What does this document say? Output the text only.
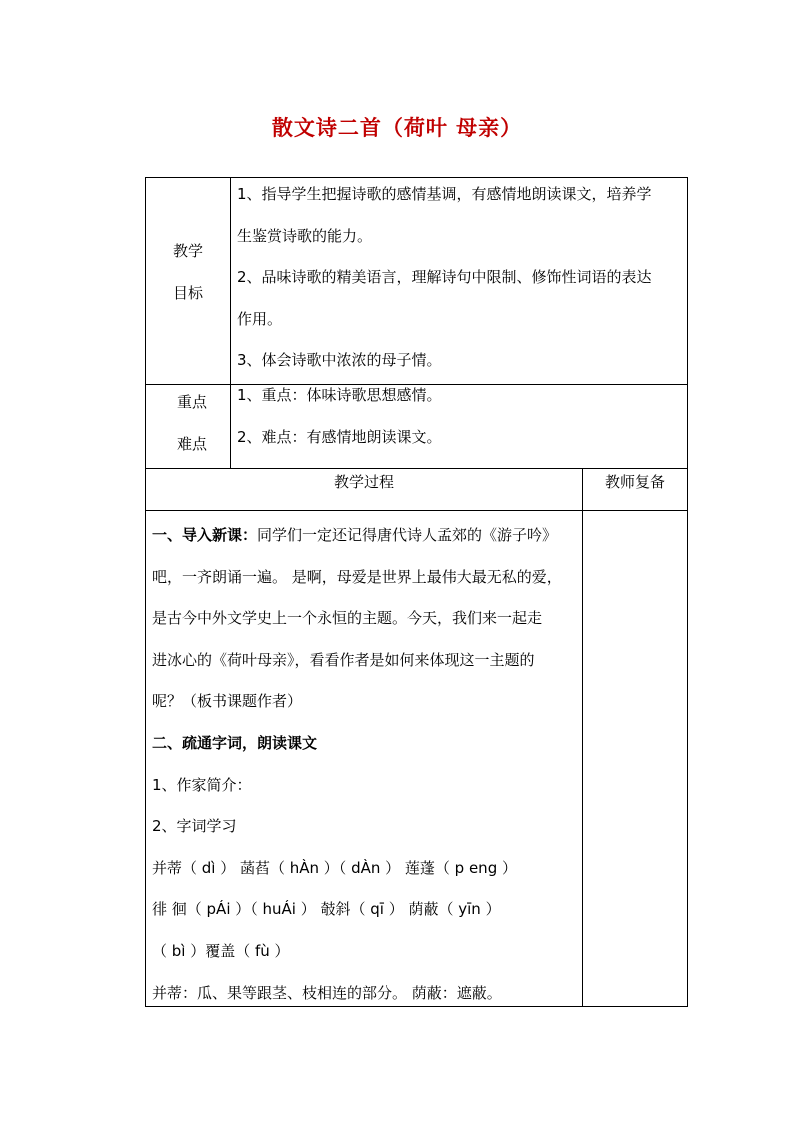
散文诗二首（荷叶 母亲）
教学
目标

1、指导学生把握诗歌的感情基调，有感情地朗读课文，培养学

生鉴赏诗歌的能力。

2、品味诗歌的精美语言，理解诗句中限制、修饰性词语的表达

作用。

3、体会诗歌中浓浓的母子情。

重点
难点

1、重点：体味诗歌思想感情。

2、难点：有感情地朗读课文。

教学过程	教师复备

一、导入新课：同学们一定还记得唐代诗人孟郊的《游子吟》

吧，一齐朗诵一遍。 是啊，母爱是世界上最伟大最无私的爱，

是古今中外文学史上一个永恒的主题。今天，我们来一起走

进冰心的《荷叶母亲》，看看作者是如何来体现这一主题的

呢？（板书课题作者）

二、疏通字词，朗读课文

1、作家简介：

2、字词学习

并蒂（ dì ） 菡萏（ hÀn ）（ dÀn ） 莲蓬（ p eng ）

徘 徊（ pÁi ）（ huÁi ） 攲斜（ qī ） 荫蔽（ yīn ）

（ bì ）覆盖（ fù ）

并蒂：瓜、果等跟茎、枝相连的部分。 荫蔽：遮蔽。
